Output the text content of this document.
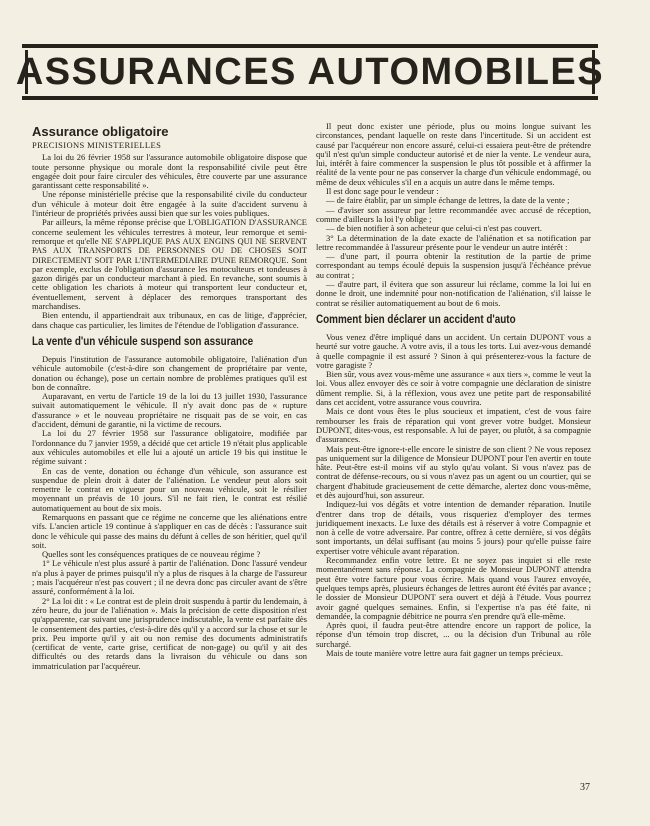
ASSURANCES AUTOMOBILES
Assurance obligatoire
PRECISIONS MINISTERIELLES

La loi du 26 février 1958 sur l'assurance automobile obligatoire dispose que toute personne physique ou morale dont la responsabilité civile peut être engagée doit pour faire circuler des véhicules, être couverte par une assurance garantissant cette responsabilité ».

Une réponse ministérielle précise que la responsabilité civile du conducteur d'un véhicule à moteur doit être engagée à la suite d'accident survenu à l'intérieur de propriétés privées aussi bien que sur les voies publiques.

Par ailleurs, la même réponse précise que L'OBLIGATION D'ASSURANCE concerne seulement les véhicules terrestres à moteur, leur remorque et semi-remorque et qu'elle NE S'APPLIQUE PAS AUX ENGINS QUI NE SERVENT PAS AUX TRANSPORTS DE PERSONNES OU DE CHOSES SOIT DIRECTEMENT SOIT PAR L'INTERMEDIAIRE D'UNE REMORQUE. Sont par exemple, exclus de l'obligation d'assurance les motoculteurs et tondeuses à gazon dirigés par un conducteur marchant à pied. En revanche, sont soumis à cette obligation les chariots à moteur qui transportent leur conducteur et, éventuellement, servent à déplacer des remorques transportant des marchandises.

Bien entendu, il appartiendrait aux tribunaux, en cas de litige, d'apprécier, dans chaque cas particulier, les limites de l'étendue de l'obligation d'assurance.

La vente d'un véhicule suspend son assurance

Depuis l'institution de l'assurance automobile obligatoire, l'aliénation d'un véhicule automobile (c'est-à-dire son changement de propriétaire par vente, donation ou échange), pose un certain nombre de problèmes pratiques qu'il est bon de connaître.

Auparavant, en vertu de l'article 19 de la loi du 13 juillet 1930, l'assurance suivait automatiquement le véhicule. Il n'y avait donc pas de « rupture d'assurance » et le nouveau propriétaire ne risquait pas de se voir, en cas d'accident, démuni de garantie, ni la victime de recours.

La loi du 27 février 1958 sur l'assurance obligatoire, modifiée par l'ordonnance du 7 janvier 1959, a décidé que cet article 19 n'était plus applicable aux véhicules automobiles et elle lui a ajouté un article 19 bis qui institue le régime suivant :

En cas de vente, donation ou échange d'un véhicule, son assurance est suspendue de plein droit à dater de l'aliénation. Le vendeur peut alors soit remettre le contrat en vigueur pour un nouveau véhicule, soit le résilier moyennant un préavis de 10 jours. S'il ne fait rien, le contrat est résilié automatiquement au bout de six mois.

Remarquons en passant que ce régime ne concerne que les aliénations entre vifs. L'ancien article 19 continue à s'appliquer en cas de décès : l'assurance suit donc le véhicule qui passe des mains du défunt à celles de son héritier, quel qu'il soit.

Quelles sont les conséquences pratiques de ce nouveau régime ?

1° Le véhicule n'est plus assuré à partir de l'aliénation. Donc l'assuré vendeur n'a plus à payer de primes puisqu'il n'y a plus de risques à la charge de l'assureur ; mais l'acquéreur n'est pas couvert ; il ne devra donc pas circuler avant de s'être assuré, conformément à la loi.

2° La loi dit : « Le contrat est de plein droit suspendu à partir du lendemain, à zéro heure, du jour de l'aliénation ». Mais la précision de cette disposition n'est qu'apparente, car suivant une jurisprudence indiscutable, la vente est parfaite dès le consentement des parties, c'est-à-dire dès qu'il y a accord sur la chose et sur le prix. Peu importe qu'il y ait ou non remise des documents administratifs (certificat de vente, carte grise, certificat de non-gage) ou qu'il y ait des difficultés ou des retards dans la livraison du véhicule ou dans son immatriculation par l'acquéreur.

Il peut donc exister une période, plus ou moins longue suivant les circonstances, pendant laquelle on reste dans l'incertitude. Si un accident est causé par l'acquéreur non encore assuré, celui-ci essaiera peut-être de prétendre qu'il n'est qu'un simple conducteur autorisé et de nier la vente. Le vendeur aura, lui, intérêt à faire commencer la suspension le plus tôt possible et à affirmer la réalité de la vente pour ne pas conserver la charge d'un véhicule endommagé, ou même de deux véhicules s'il en a acquis un autre dans le même temps.

Il est donc sage pour le vendeur :

— de faire établir, par un simple échange de lettres, la date de la vente ;

— d'aviser son assureur par lettre recommandée avec accusé de réception, comme d'ailleurs la loi l'y oblige ;

— de bien notifier à son acheteur que celui-ci n'est pas couvert.

3° La détermination de la date exacte de l'aliénation et sa notification par lettre recommandée à l'assureur présente pour le vendeur un autre intérêt :

— d'une part, il pourra obtenir la restitution de la partie de prime correspondant au temps écoulé depuis la suspension jusqu'à l'échéance prévue au contrat ;

— d'autre part, il évitera que son assureur lui réclame, comme la loi lui en donne le droit, une indemnité pour non-notification de l'aliénation, s'il laisse le contrat se résilier automatiquement au bout de 6 mois.

Comment bien déclarer un accident d'auto

Vous venez d'être impliqué dans un accident. Un certain DUPONT vous a heurté sur votre gauche. A votre avis, il a tous les torts. Lui avez-vous demandé à quelle compagnie il est assuré ? Sinon à qui présenterez-vous la facture de votre garagiste ?

Bien sûr, vous avez vous-même une assurance « aux tiers », comme le veut la loi. Vous allez envoyer dès ce soir à votre compagnie une déclaration de sinistre dûment remplie. Si, à la réflexion, vous avez une petite part de responsabilité dans cet accident, votre assurance vous couvrira.

Mais ce dont vous êtes le plus soucieux et impatient, c'est de vous faire rembourser les frais de réparation qui vont grever votre budget. Monsieur DUPONT, dites-vous, est responsable. A lui de payer, ou plutôt, à sa compagnie d'assurances.

Mais peut-être ignore-t-elle encore le sinistre de son client ? Ne vous reposez pas uniquement sur la diligence de Monsieur DUPONT pour l'en avertir en toute hâte. Peut-être est-il moins vif au stylo qu'au volant. Si vous n'avez pas de contrat de défense-recours, ou si vous n'avez pas un agent ou un courtier, qui se chargent d'habitude gracieusement de cette démarche, alertez donc vous-même, et dès aujourd'hui, son assureur.

Indiquez-lui vos dégâts et votre intention de demander réparation. Inutile d'entrer dans trop de détails, vous risqueriez d'employer des termes juridiquement inexacts. Le luxe des détails est à réserver à votre Compagnie et non à celle de votre adversaire. Par contre, offrez à cette dernière, si vos dégâts sont importants, un délai suffisant (au moins 5 jours) pour qu'elle puisse faire expertiser votre véhicule avant réparation.

Recommandez enfin votre lettre. Et ne soyez pas inquiet si elle reste momentanément sans réponse. La compagnie de Monsieur DUPONT attendra peut être votre facture pour vous écrire. Mais quand vous l'aurez envoyée, quelques temps après, plusieurs échanges de lettres auront été évités par avance ; le dossier de Monsieur DUPONT sera ouvert et déjà à l'étude. Vous pourrez avoir gagné quelques semaines. Enfin, si l'expertise n'a pas été faite, ni demandée, la compagnie débitrice ne pourra s'en prendre qu'à elle-même.

Après quoi, il faudra peut-être attendre encore un rapport de police, la réponse d'un témoin trop discret, ... ou la décision d'un Tribunal au rôle surchargé.

Mais de toute manière votre lettre aura fait gagner un temps précieux.

37
